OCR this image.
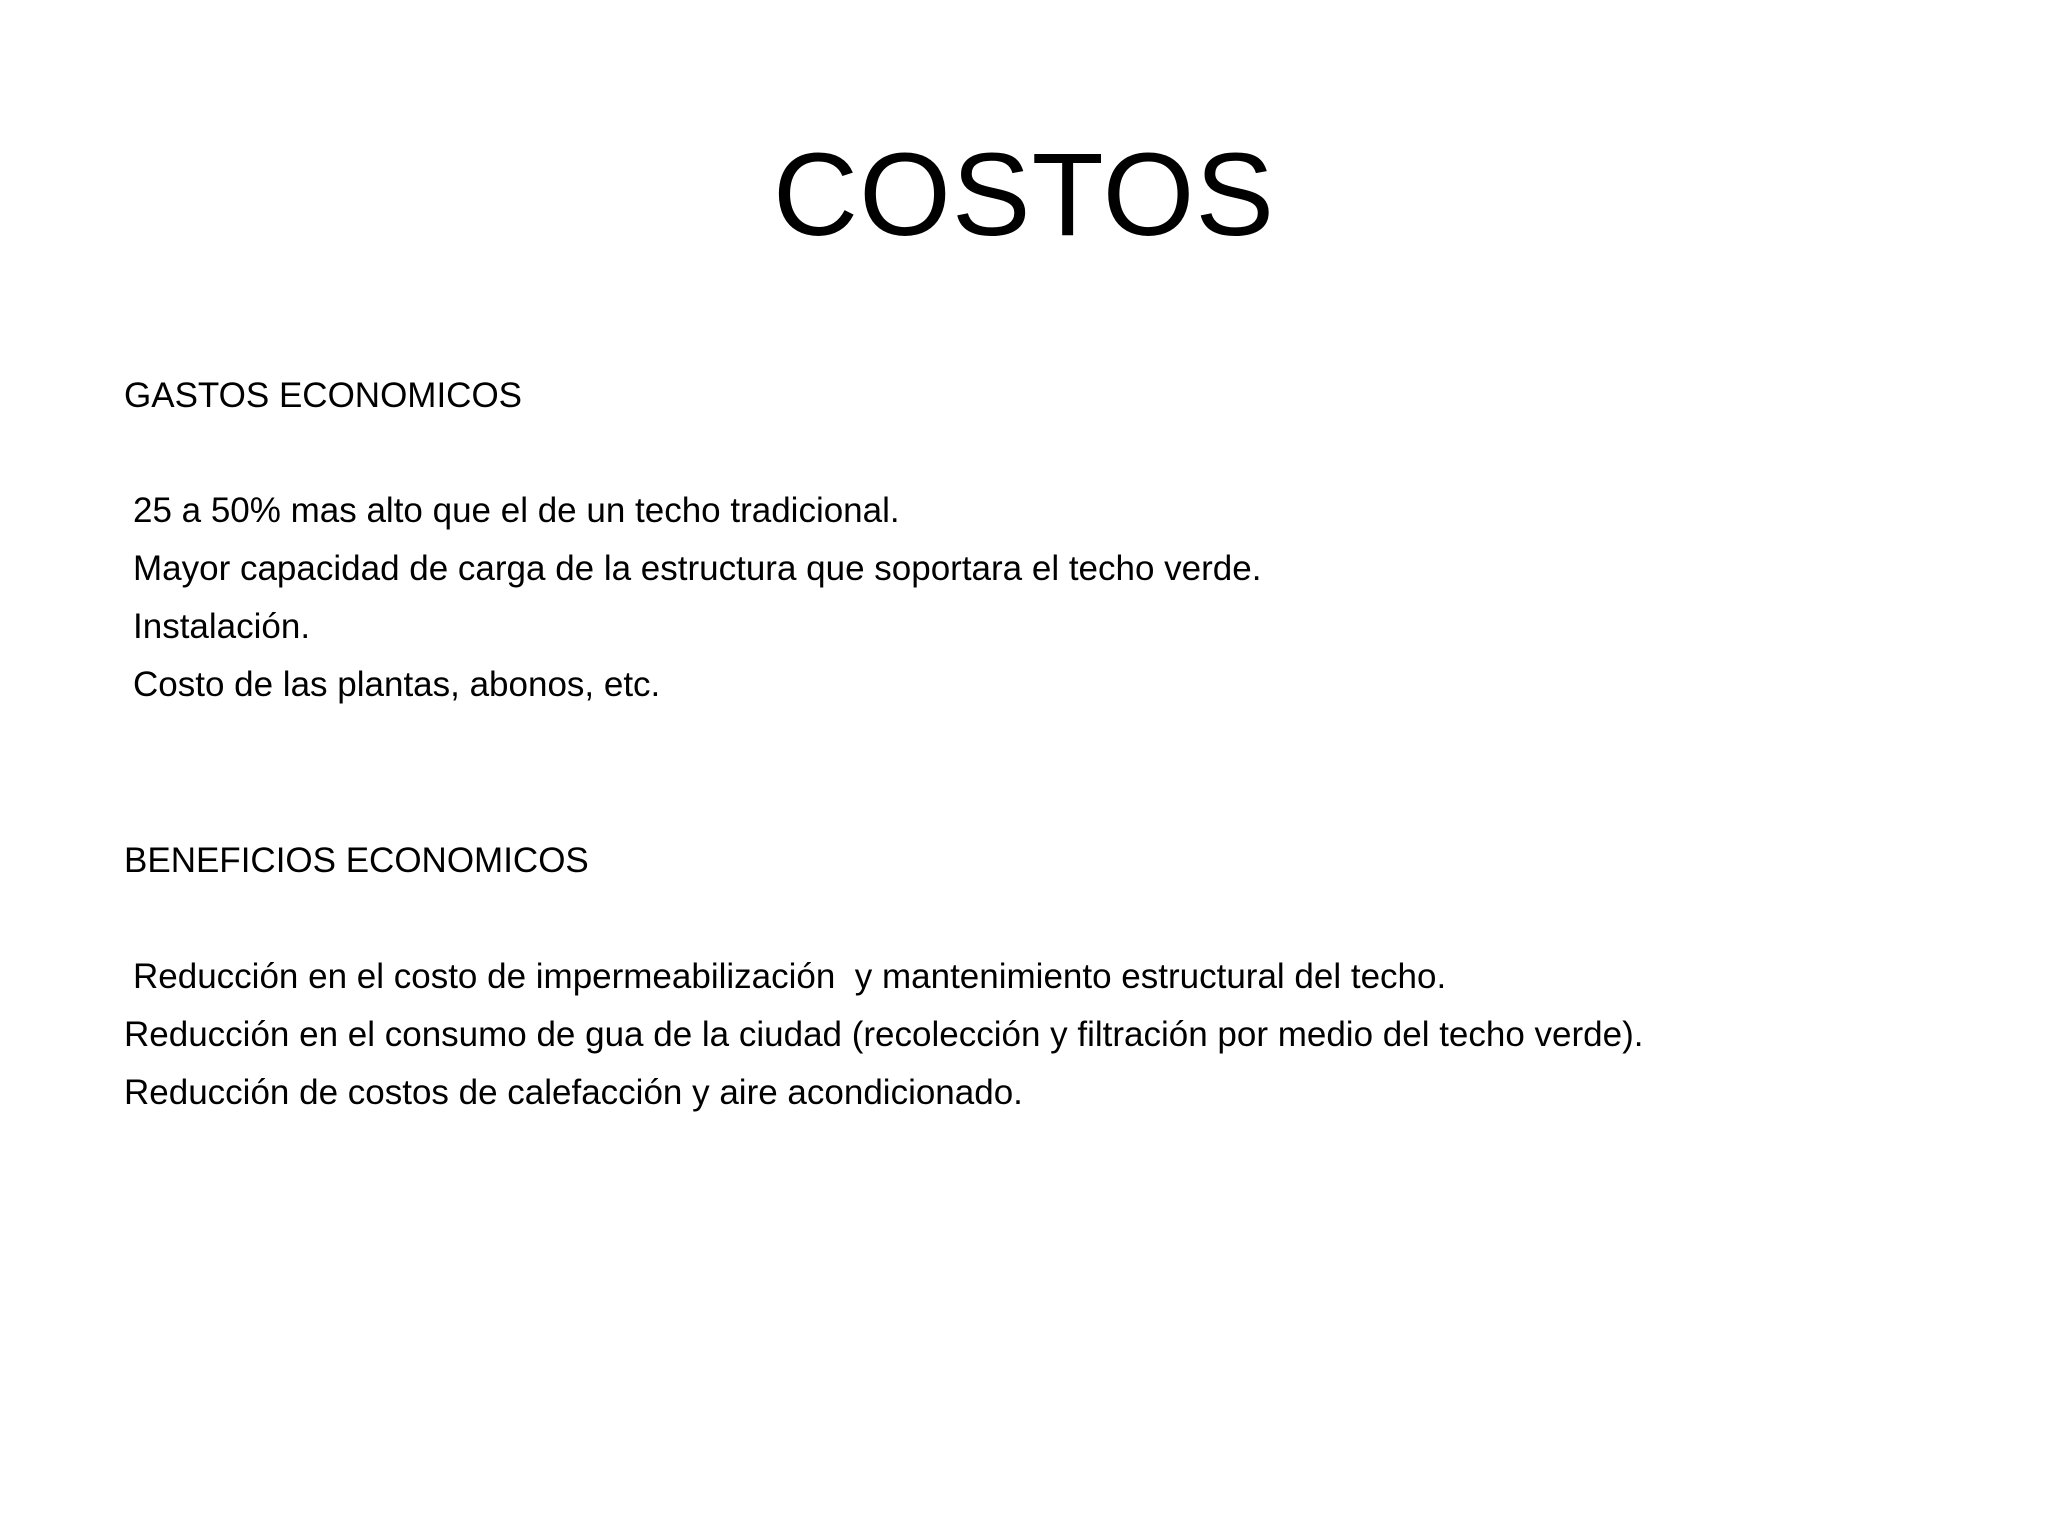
COSTOS

GASTOS ECONOMICOS

25 a 50% mas alto que el de un techo tradicional.

Mayor capacidad de carga de la estructura que soportara el techo verde.

Instalación.

Costo de las plantas, abonos, etc.

BENEFICIOS ECONOMICOS

Reducción en el costo de impermeabilización  y mantenimiento estructural del techo.

Reducción en el consumo de gua de la ciudad (recolección y filtración por medio del techo verde).

Reducción de costos de calefacción y aire acondicionado.
